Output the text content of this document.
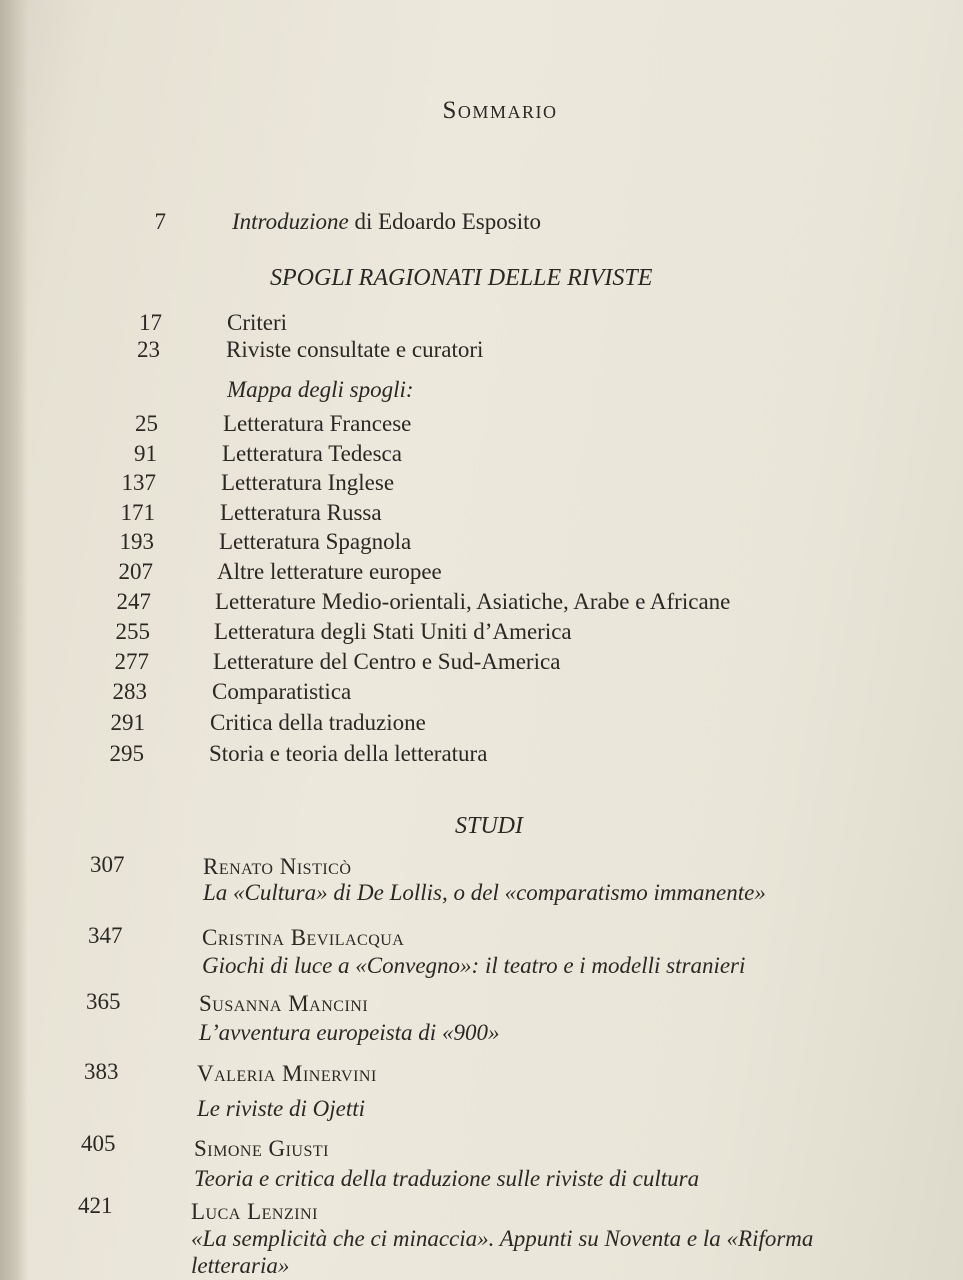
Sommario
7	Introduzione di Edoardo Esposito
SPOGLI RAGIONATI DELLE RIVISTE
17	Criteri
23	Riviste consultate e curatori
Mappa degli spogli:
25	Letteratura Francese
91	Letteratura Tedesca
137	Letteratura Inglese
171	Letteratura Russa
193	Letteratura Spagnola
207	Altre letterature europee
247	Letterature Medio-orientali, Asiatiche, Arabe e Africane
255	Letteratura degli Stati Uniti d’America
277	Letterature del Centro e Sud-America
283	Comparatistica
291	Critica della traduzione
295	Storia e teoria della letteratura
STUDI
307	Renato Nisticò
La «Cultura» di De Lollis, o del «comparatismo immanente»
347	Cristina Bevilacqua
Giochi di luce a «Convegno»: il teatro e i modelli stranieri
365	Susanna Mancini
L’avventura europeista di «900»
383	Valeria Minervini
Le riviste di Ojetti
405	Simone Giusti
Teoria e critica della traduzione sulle riviste di cultura
421	Luca Lenzini
«La semplicità che ci minaccia». Appunti su Noventa e la «Riforma
letteraria»
